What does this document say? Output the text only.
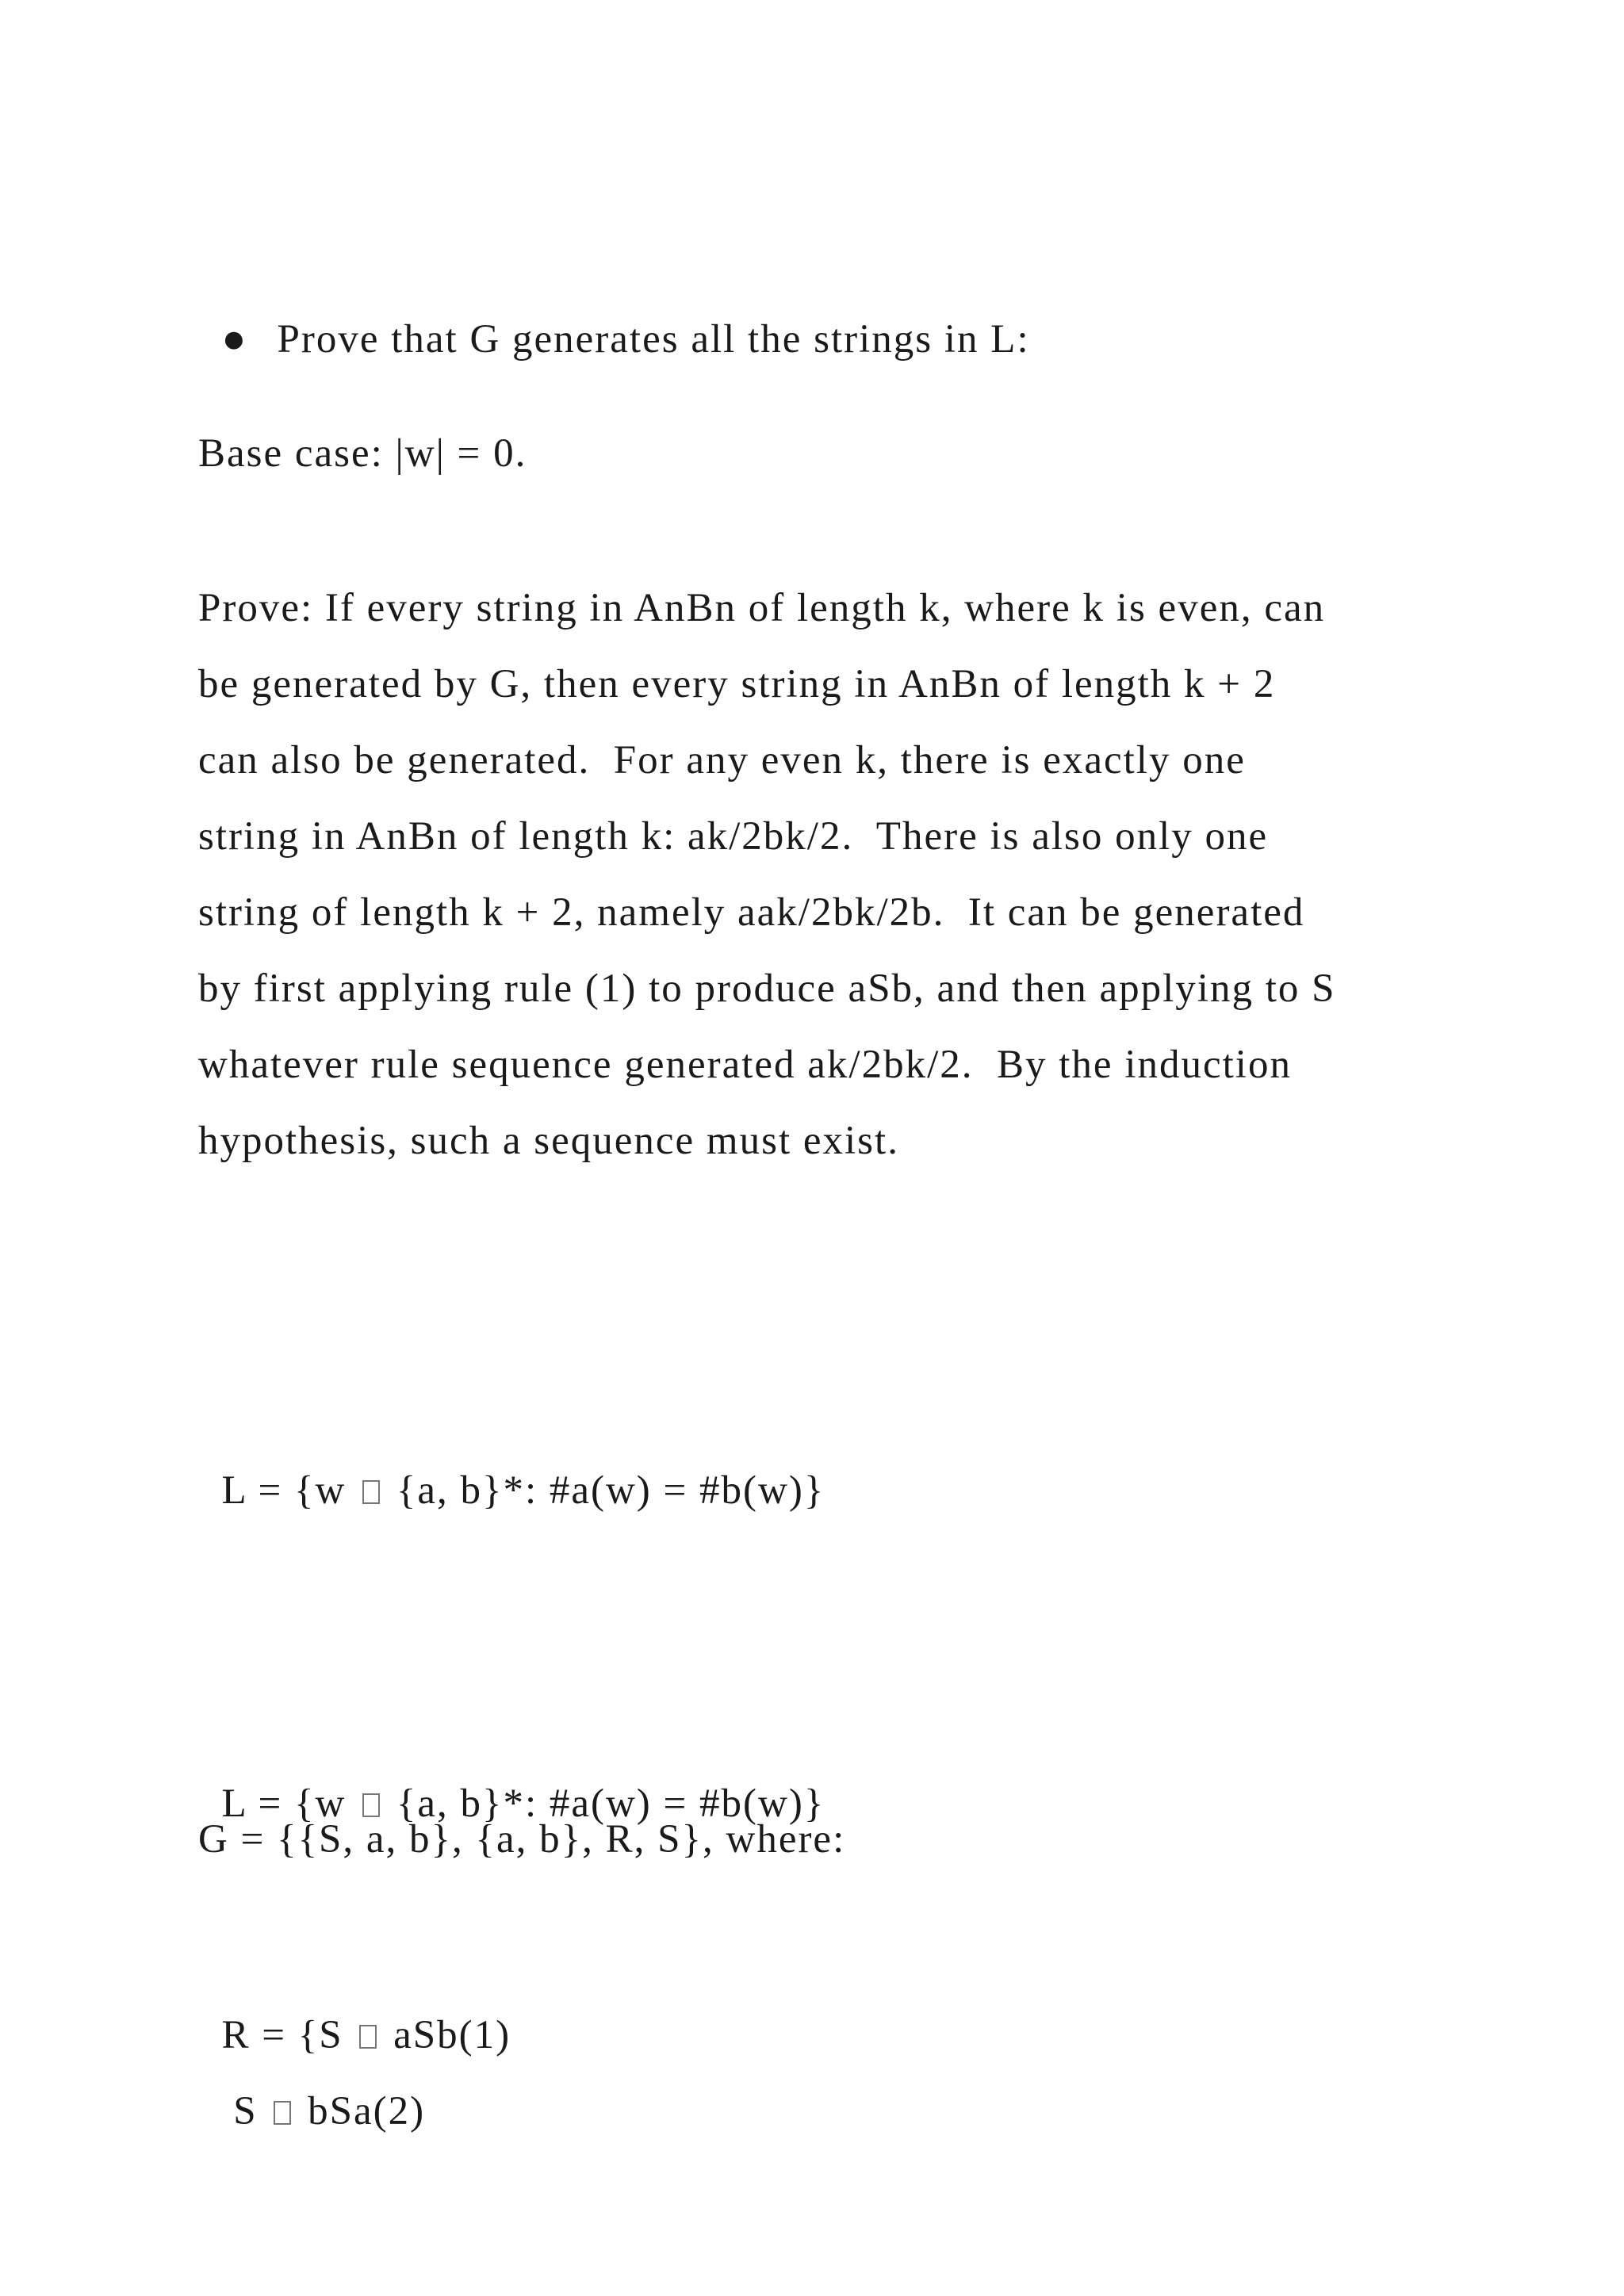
● Prove that G generates all the strings in L:

Base case: |w| = 0.
Prove: If every string in AnBn of length k, where k is even, can
be generated by G, then every string in AnBn of length k + 2
can also be generated.  For any even k, there is exactly one
string in AnBn of length k: ak/2bk/2.  There is also only one
string of length k + 2, namely aak/2bk/2b.  It can be generated
by first applying rule (1) to produce aSb, and then applying to S
whatever rule sequence generated ak/2bk/2.  By the induction
hypothesis, such a sequence must exist.

L = {w  {a, b}*: #a(w) = #b(w)}

L = {w  {a, b}*: #a(w) = #b(w)}

G = {{S, a, b}, {a, b}, R, S}, where:

R = {S  aSb(1)

S  bSa(2)
